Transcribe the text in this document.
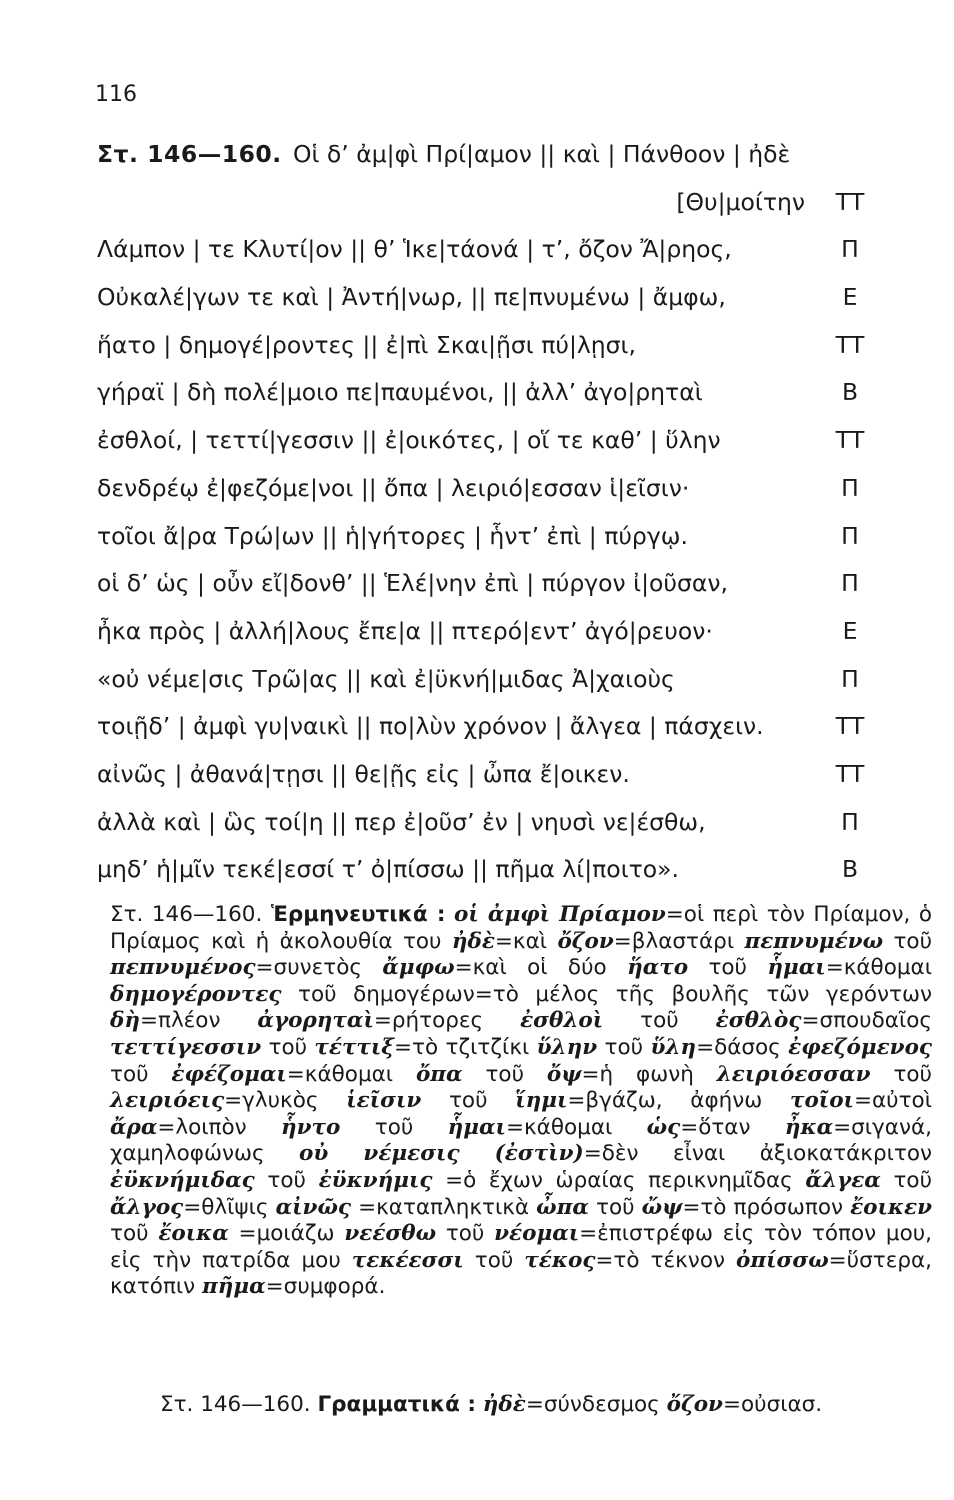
116
Στ. 146—160. Οἱ δ’ ἀμ|φὶ Πρί|αμον || καὶ | Πάνθοον | ἠδὲ
[Θυ|μοίτην	ΤΤ
Λάμπον | τε Κλυτί|ον || θ’ Ἱκε|τάονά | τ’, ὄζον Ἄ|ρηος,	Π
Οὐκαλέ|γων τε καὶ | Ἀντή|νωρ, || πε|πνυμένω | ἄμφω,	Ε
ἥατο | δημογέ|ροντες || ἐ|πὶ Σκαι|ῇσι πύ|λῃσι,	ΤΤ
γήραϊ | δὴ πολέ|μοιο πε|παυμένοι, || ἀλλ’ ἀγο|ρηταὶ	Β
ἐσθλοί, | τεττί|γεσσιν || ἐ|οικότες, | οἵ τε καθ’ | ὕλην	ΤΤ
δενδρέῳ ἐ|φεζόμε|νοι || ὄπα | λειριό|εσσαν ἱ|εῖσιν·	Π
τοῖοι ἄ|ρα Τρώ|ων || ἡ|γήτορες | ἧντ’ ἐπὶ | πύργῳ.	Π
οἱ δ’ ὡς | οὖν εἴ|δονθ’ || Ἑλέ|νην ἐπὶ | πύργον ἰ|οῦσαν,	Π
ἦκα πρὸς | ἀλλή|λους ἔπε|α || πτερό|εντ’ ἀγό|ρευον·	Ε
«οὐ νέμε|σις Τρῶ|ας || καὶ ἐ|ϋκνή|μιδας Ἀ|χαιοὺς	Π
τοιῇδ’ | ἀμφὶ γυ|ναικὶ || πο|λὺν χρόνον | ἄλγεα | πάσχειν.	ΤΤ
αἰνῶς | ἀθανά|τῃσι || θε|ῇς εἰς | ὦπα ἔ|οικεν.	ΤΤ
ἀλλὰ καὶ | ὣς τοί|η || περ ἐ|οῦσ’ ἐν | νηυσὶ νε|έσθω,	Π
μηδ’ ἡ|μῖν τεκέ|εσσί τ’ ὀ|πίσσω || πῆμα λί|ποιτο».	Β
Στ. 146—160. Ἑρμηνευτικά : οἱ ἀμφὶ Πρίαμον=οἱ περὶ τὸν Πρίαμον, ὁ Πρίαμος καὶ ἡ ἀκολουθία του ἠδὲ=καὶ ὄζον=βλαστάρι πεπνυμένω τοῦ πεπνυμένος=συνετὸς ἄμφω=καὶ οἱ δύο ἥατο τοῦ ἧμαι=κάθομαι δημογέροντες τοῦ δημογέρων=τὸ μέλος τῆς βουλῆς τῶν γερόντων δὴ=πλέον ἀγορηταὶ=ρήτορες ἐσθλοὶ τοῦ ἐσθλὸς=σπουδαῖος τεττίγεσσιν τοῦ τέττιξ=τὸ τζιτζίκι ὕλην τοῦ ὕλη=δάσος ἐφεζόμενος τοῦ ἐφέζομαι=κάθομαι ὄπα τοῦ ὄψ=ἡ φωνὴ λειριόεσσαν τοῦ λειριόεις=γλυκὸς ἱεῖσιν τοῦ ἵημι=βγάζω, ἀφήνω τοῖοι=αὐτοὶ ἄρα=λοιπὸν ἧντο τοῦ ἧμαι=κάθομαι ὡς=ὅταν ἦκα=σιγανά, χαμηλοφώνως οὐ νέμεσις (ἐστὶν)=δὲν εἶναι ἀξιοκατάκριτον ἐϋκνήμιδας τοῦ ἐϋκνήμις =ὁ ἔχων ὡραίας περικνημῖδας ἄλγεα τοῦ ἄλγος=θλῖψις αἰνῶς =καταπληκτικὰ ὦπα τοῦ ὤψ=τὸ πρόσωπον ἔοικεν τοῦ ἔοικα =μοιάζω νεέσθω τοῦ νέομαι=ἐπιστρέφω εἰς τὸν τόπον μου, εἰς τὴν πατρίδα μου τεκέεσσι τοῦ τέκος=τὸ τέκνον ὀπίσσω=ὕστερα, κατόπιν πῆμα=συμφορά.
Στ. 146—160. Γραμματικά : ἠδὲ=σύνδεσμος ὄζον=οὐσιασ.
